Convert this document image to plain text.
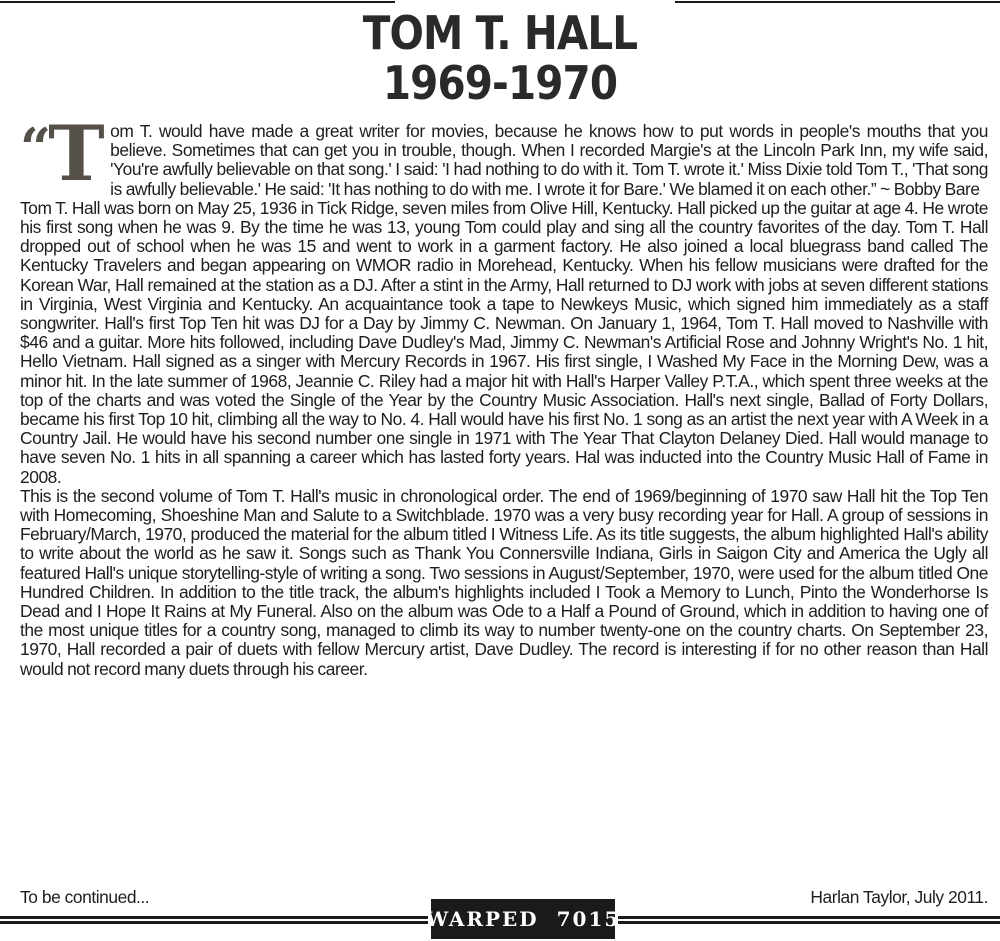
TOM T. HALL
1969-1970

“ T om T. would have made a great writer for movies, because he knows how to put words in people's mouths that you believe. Sometimes that can get you in trouble, though. When I recorded Margie's at the Lincoln Park Inn, my wife said, 'You're awfully believable on that song.' I said: 'I had nothing to do with it. Tom T. wrote it.' Miss Dixie told Tom T., 'That song is awfully believable.' He said: 'It has nothing to do with me. I wrote it for Bare.' We blamed it on each other.” ~ Bobby Bare

Tom T. Hall was born on May 25, 1936 in Tick Ridge, seven miles from Olive Hill, Kentucky. Hall picked up the guitar at age 4. He wrote his first song when he was 9. By the time he was 13, young Tom could play and sing all the country favorites of the day. Tom T. Hall dropped out of school when he was 15 and went to work in a garment factory. He also joined a local bluegrass band called The Kentucky Travelers and began appearing on WMOR radio in Morehead, Kentucky. When his fellow musicians were drafted for the Korean War, Hall remained at the station as a DJ. After a stint in the Army, Hall returned to DJ work with jobs at seven different stations in Virginia, West Virginia and Kentucky. An acquaintance took a tape to Newkeys Music, which signed him immediately as a staff songwriter. Hall's first Top Ten hit was DJ for a Day by Jimmy C. Newman. On January 1, 1964, Tom T. Hall moved to Nashville with $46 and a guitar. More hits followed, including Dave Dudley's Mad, Jimmy C. Newman's Artificial Rose and Johnny Wright's No. 1 hit, Hello Vietnam. Hall signed as a singer with Mercury Records in 1967. His first single, I Washed My Face in the Morning Dew, was a minor hit. In the late summer of 1968, Jeannie C. Riley had a major hit with Hall's Harper Valley P.T.A., which spent three weeks at the top of the charts and was voted the Single of the Year by the Country Music Association. Hall's next single, Ballad of Forty Dollars, became his first Top 10 hit, climbing all the way to No. 4. Hall would have his first No. 1 song as an artist the next year with A Week in a Country Jail. He would have his second number one single in 1971 with The Year That Clayton Delaney Died. Hall would manage to have seven No. 1 hits in all spanning a career which has lasted forty years. Hal was inducted into the Country Music Hall of Fame in 2008.

This is the second volume of Tom T. Hall's music in chronological order. The end of 1969/beginning of 1970 saw Hall hit the Top Ten with Homecoming, Shoeshine Man and Salute to a Switchblade. 1970 was a very busy recording year for Hall. A group of sessions in February/March, 1970, produced the material for the album titled I Witness Life. As its title suggests, the album highlighted Hall's ability to write about the world as he saw it. Songs such as Thank You Connersville Indiana, Girls in Saigon City and America the Ugly all featured Hall's unique storytelling-style of writing a song. Two sessions in August/September, 1970, were used for the album titled One Hundred Children. In addition to the title track, the album's highlights included I Took a Memory to Lunch, Pinto the Wonderhorse Is Dead and I Hope It Rains at My Funeral. Also on the album was Ode to a Half a Pound of Ground, which in addition to having one of the most unique titles for a country song, managed to climb its way to number twenty-one on the country charts. On September 23, 1970, Hall recorded a pair of duets with fellow Mercury artist, Dave Dudley. The record is interesting if for no other reason than Hall would not record many duets through his career.

To be continued...	Harlan Taylor, July 2011.
WARPED 7015
